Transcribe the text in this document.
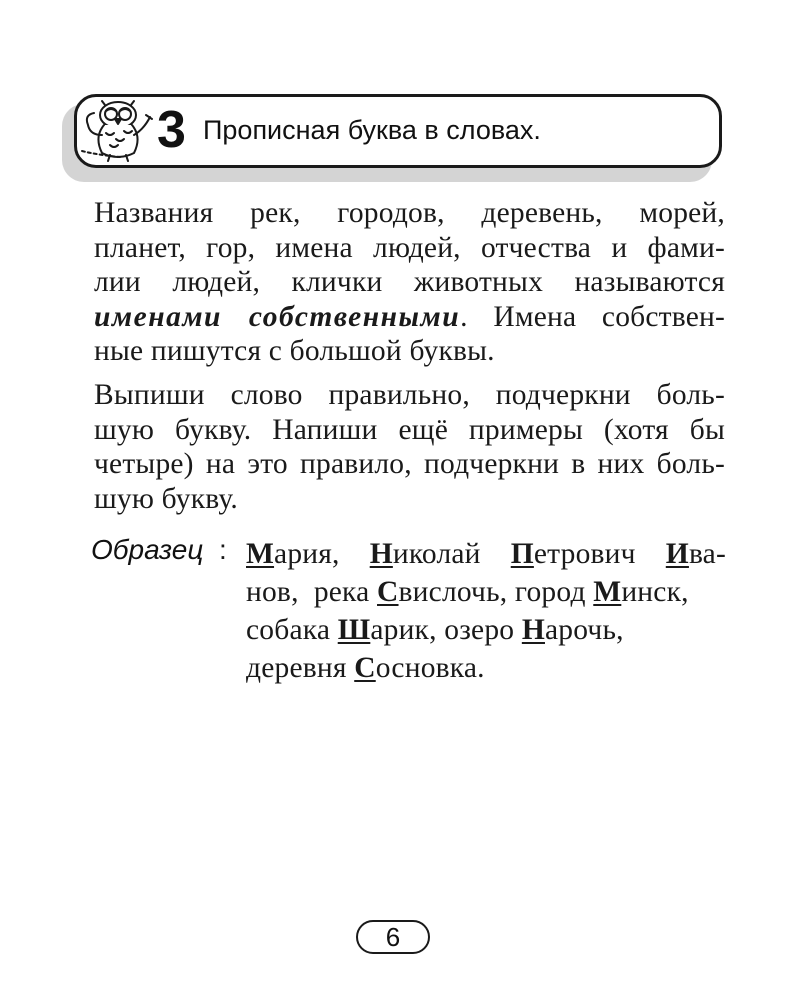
3 Прописная буква в словах.
Названия рек, городов, деревень, морей,
планет, гор, имена людей, отчества и фами-
лии людей, клички животных называются
именами собственными. Имена собствен-
ные пишутся с большой буквы.
Выпиши слово правильно, подчеркни боль-
шую букву. Напиши ещё примеры (хотя бы
четыре) на это правило, подчеркни в них боль-
шую букву.
Образец : Мария, Николай Петрович Ива-
нов, река Свислочь, город Минск,
собака Шарик, озеро Нарочь,
деревня Сосновка.
6
